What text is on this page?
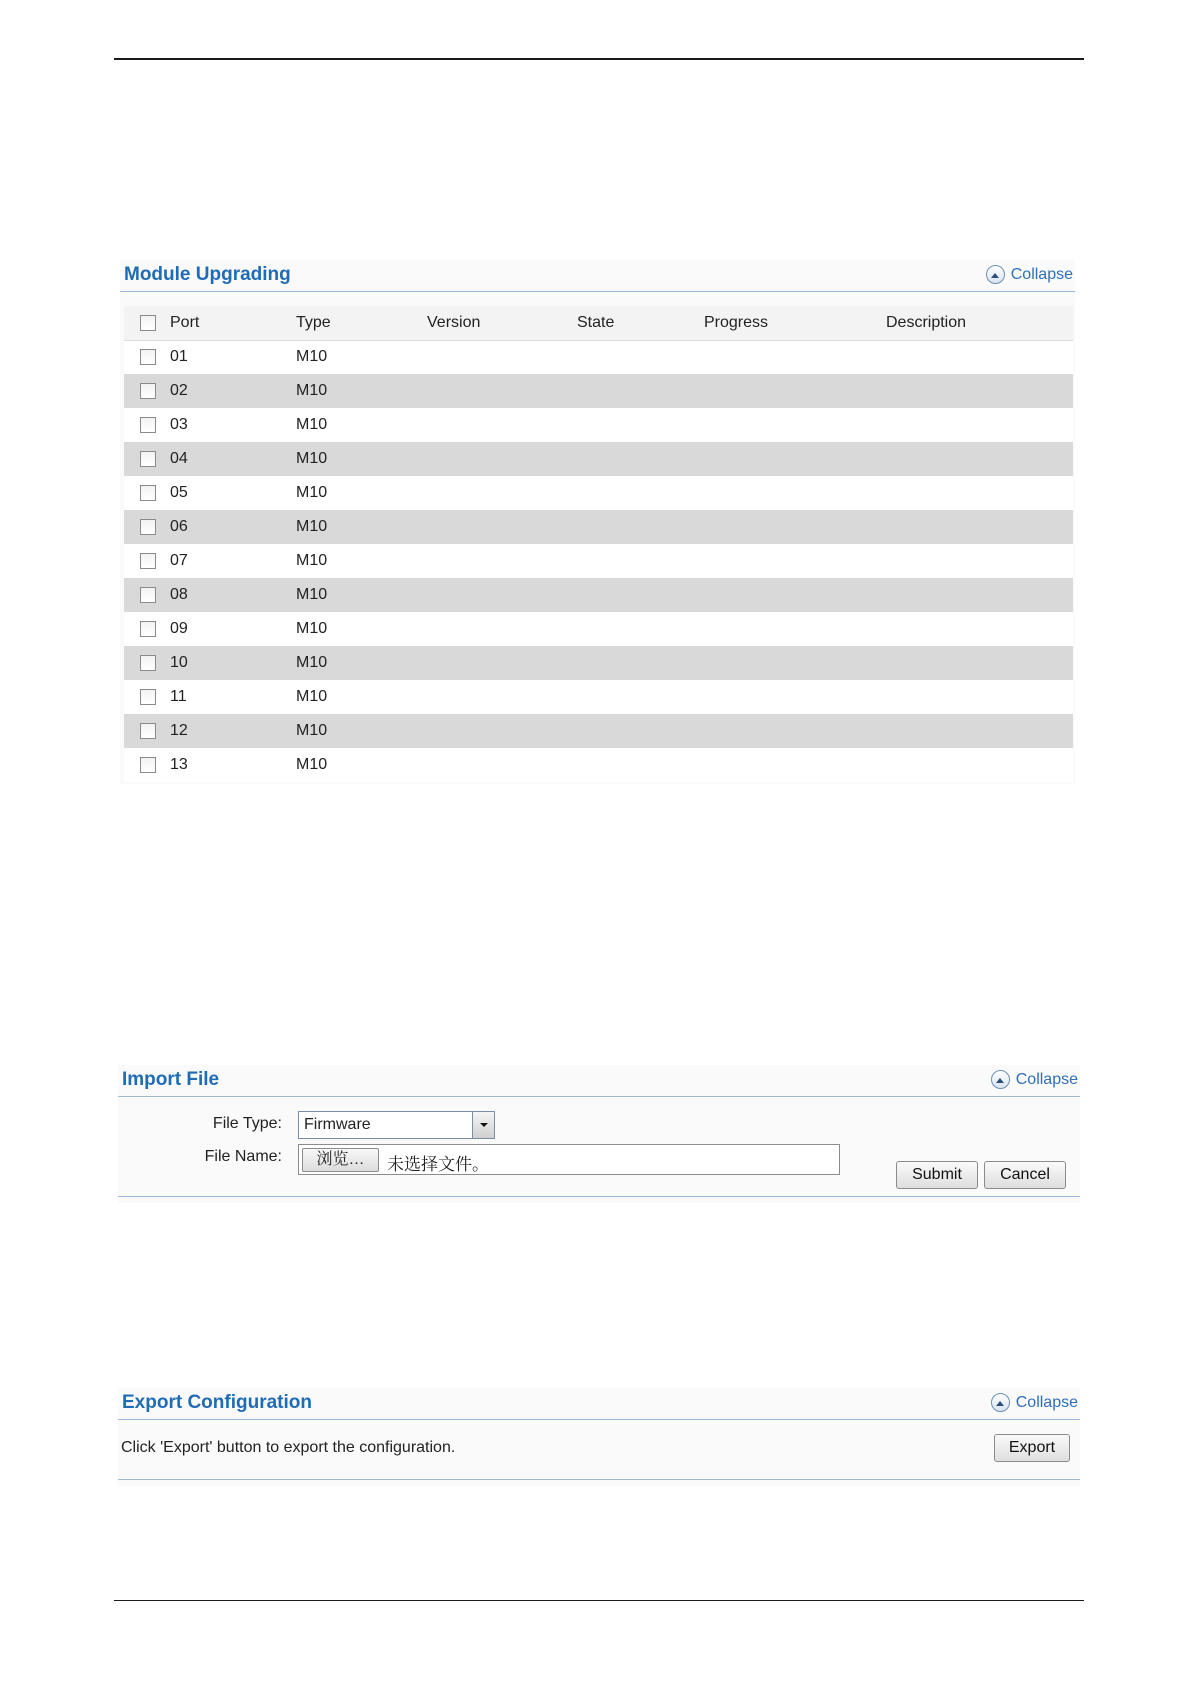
Module Upgrading	Collapse
	Port	Type	Version	State	Progress	Description
	01	M10				
	02	M10				
	03	M10				
	04	M10				
	05	M10				
	06	M10				
	07	M10				
	08	M10				
	09	M10				
	10	M10				
	11	M10				
	12	M10				
	13	M10				
Import File	Collapse
File Type: Firmware
File Name:	浏览…	未选择文件。
Submit	Cancel
Export Configuration	Collapse
Click 'Export' button to export the configuration.	Export
